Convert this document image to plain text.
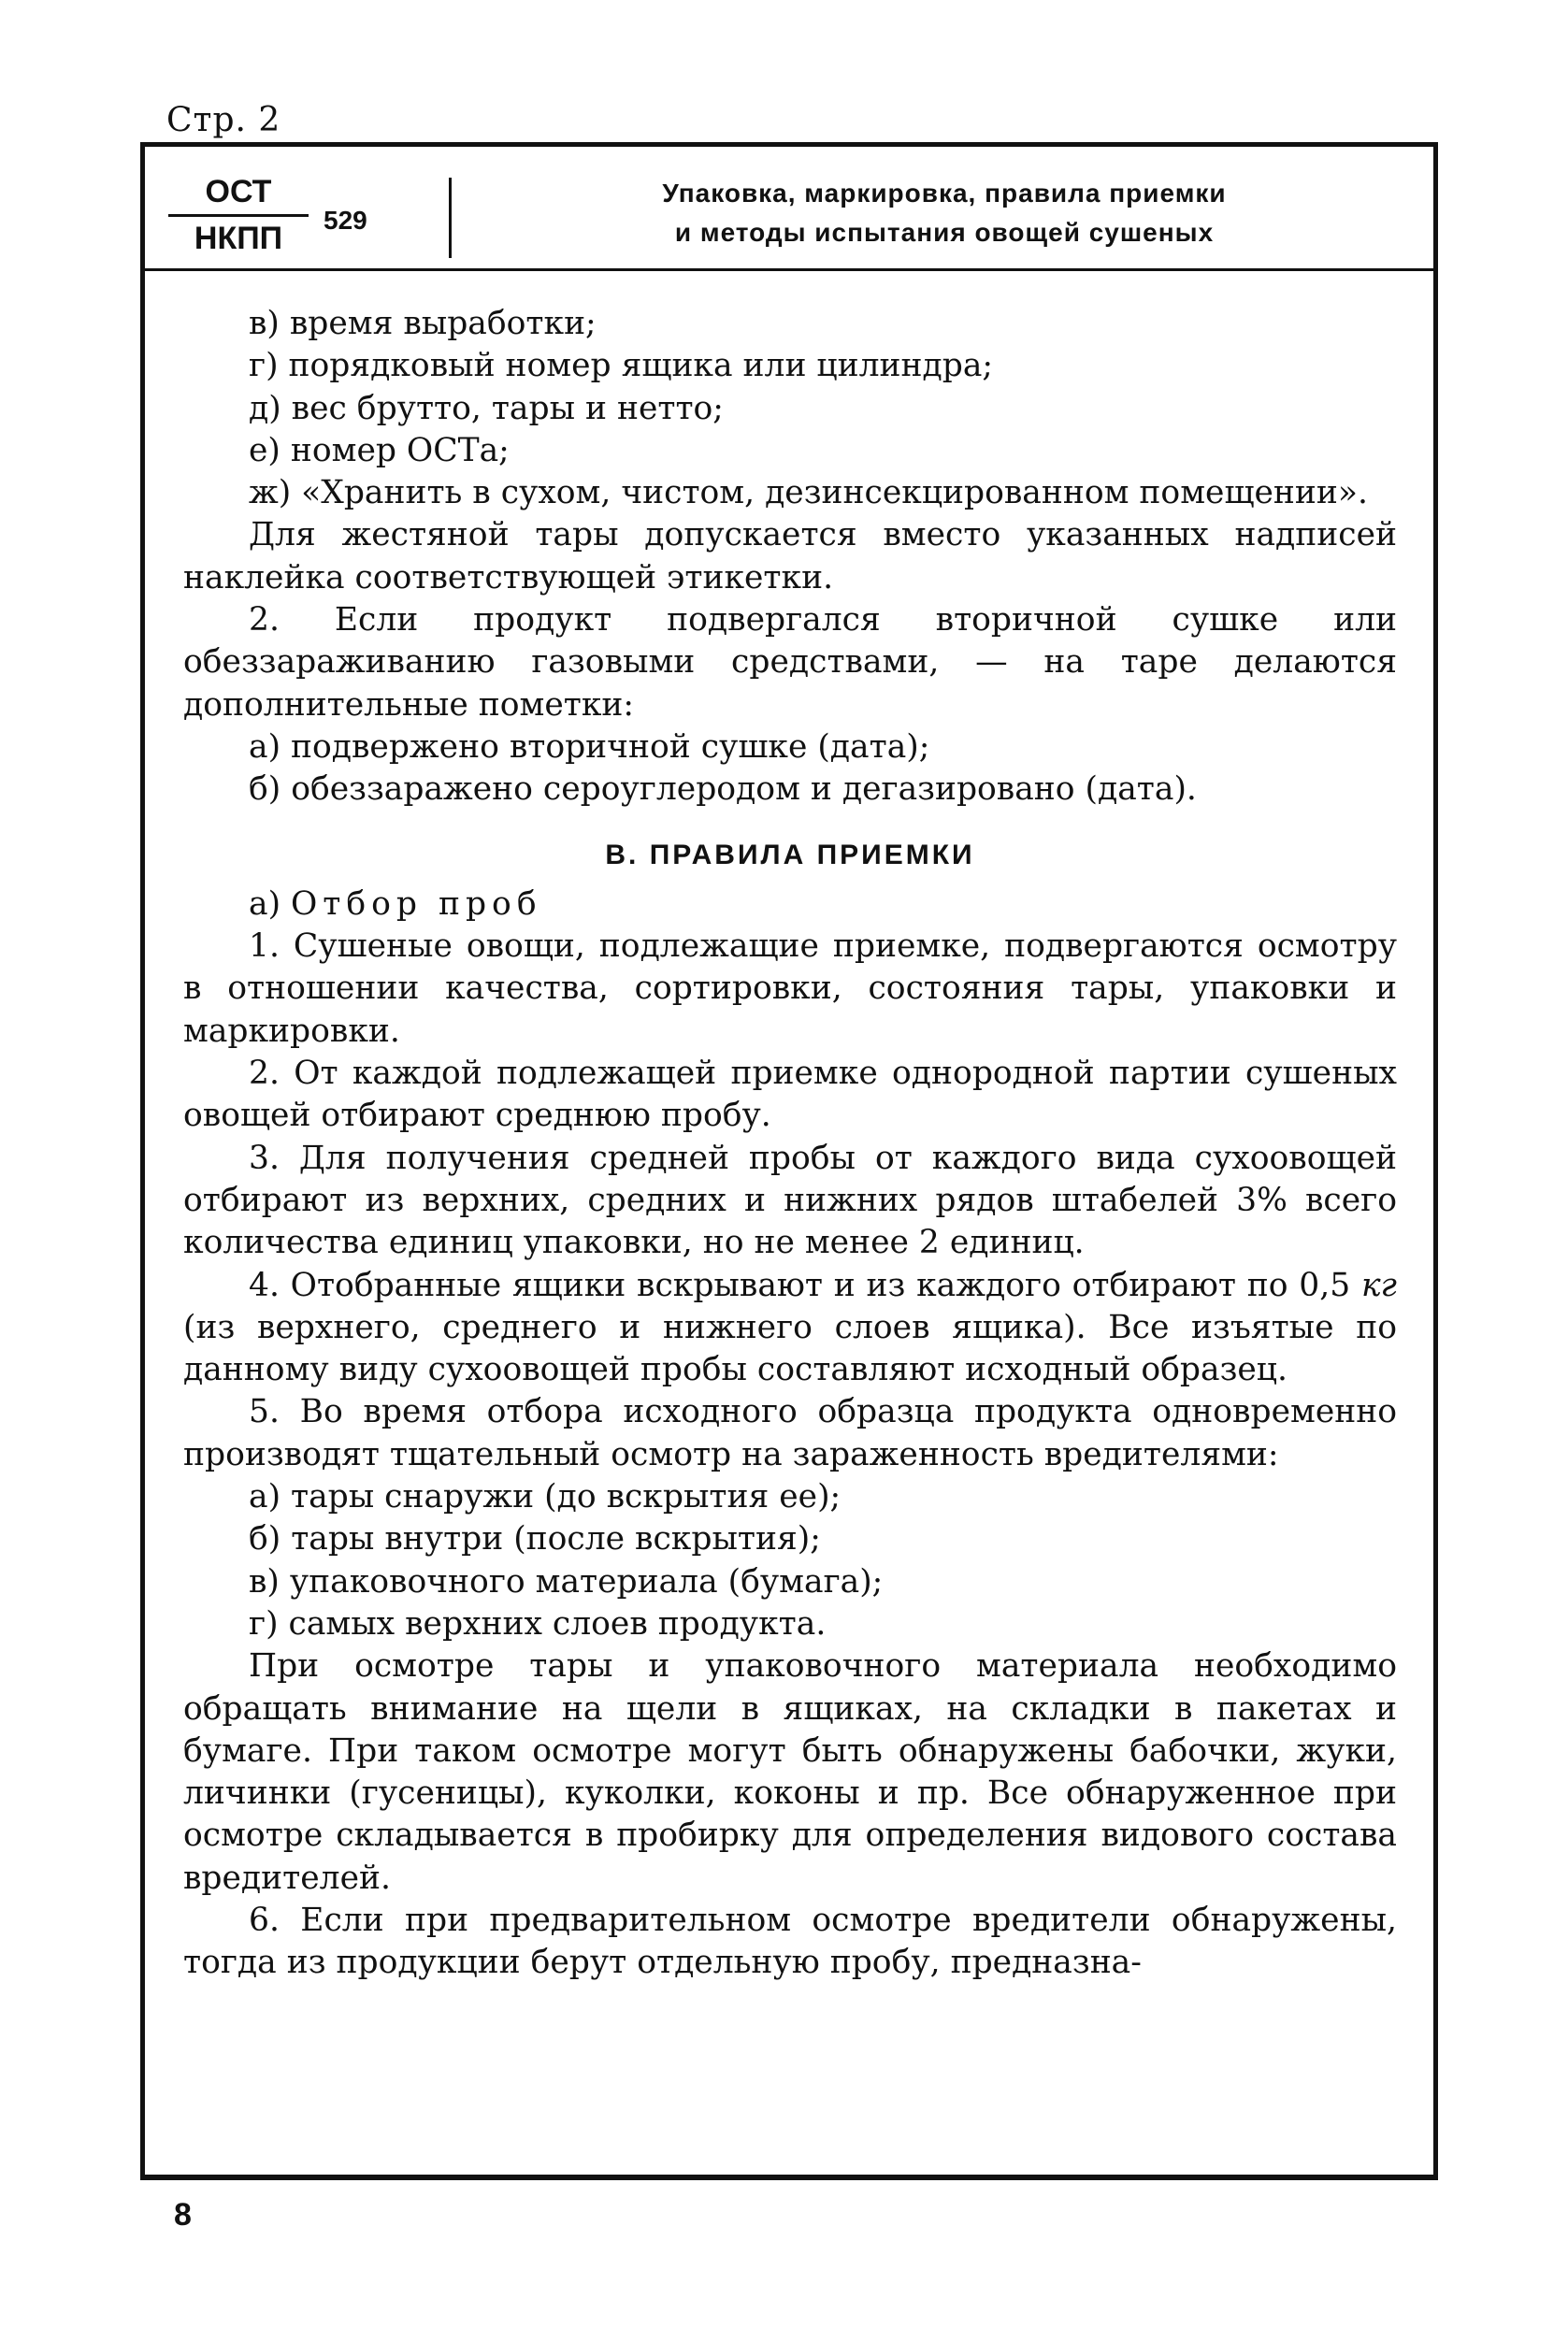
Стр. 2
ОСТ
НКПП
529
Упаковка, маркировка, правила приемки
и методы испытания овощей сушеных

в) время выработки;

г) порядковый номер ящика или цилиндра;

д) вес брутто, тары и нетто;

е) номер ОСТа;

ж) «Хранить в сухом, чистом, дезинсекцированном помещении».

Для жестяной тары допускается вместо указанных надписей наклейка соответствующей этикетки.

2. Если продукт подвергался вторичной сушке или обеззараживанию газовыми средствами, — на таре делаются дополнительные пометки:

а) подвержено вторичной сушке (дата);

б) обеззаражено сероуглеродом и дегазировано (дата).

В. ПРАВИЛА ПРИЕМКИ

а) Отбор проб

1. Сушеные овощи, подлежащие приемке, подвергаются осмотру в отношении качества, сортировки, состояния тары, упаковки и маркировки.

2. От каждой подлежащей приемке однородной партии сушеных овощей отбирают среднюю пробу.

3. Для получения средней пробы от каждого вида сухоовощей отбирают из верхних, средних и нижних рядов штабелей 3% всего количества единиц упаковки, но не менее 2 единиц.

4. Отобранные ящики вскрывают и из каждого отбирают по 0,5 кг (из верхнего, среднего и нижнего слоев ящика). Все изъятые по данному виду сухоовощей пробы составляют исходный образец.

5. Во время отбора исходного образца продукта одновременно производят тщательный осмотр на зараженность вредителями:

а) тары снаружи (до вскрытия ее);

б) тары внутри (после вскрытия);

в) упаковочного материала (бумага);

г) самых верхних слоев продукта.

При осмотре тары и упаковочного материала необходимо обращать внимание на щели в ящиках, на складки в пакетах и бумаге. При таком осмотре могут быть обнаружены бабочки, жуки, личинки (гусеницы), куколки, коконы и пр. Все обнаруженное при осмотре складывается в пробирку для определения видового состава вредителей.

6. Если при предварительном осмотре вредители обнаружены, тогда из продукции берут отдельную пробу, предназна-

8
